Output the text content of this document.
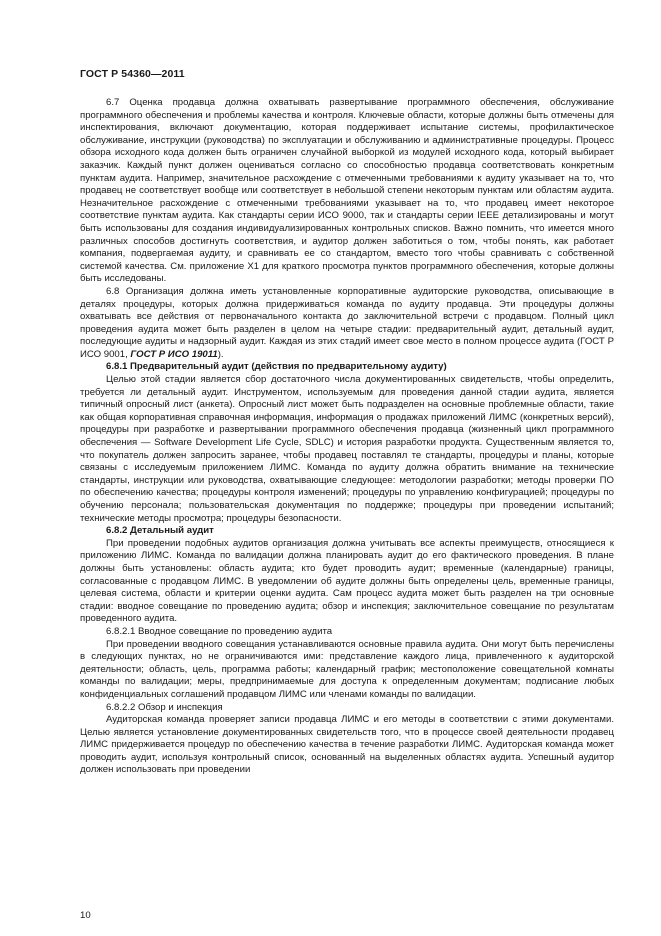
ГОСТ Р 54360—2011

6.7 Оценка продавца должна охватывать развертывание программного обеспечения, обслуживание программного обеспечения и проблемы качества и контроля. Ключевые области, которые должны быть отмечены для инспектирования, включают документацию, которая поддерживает испытание системы, профилактическое обслуживание, инструкции (руководства) по эксплуатации и обслуживанию и административные процедуры. Процесс обзора исходного кода должен быть ограничен случайной выборкой из модулей исходного кода, который выбирает заказчик. Каждый пункт должен оцениваться согласно со способностью продавца соответствовать конкретным пунктам аудита. Например, значительное расхождение с отмеченными требованиями к аудиту указывает на то, что продавец не соответствует вообще или соответствует в небольшой степени некоторым пунктам или областям аудита. Незначительное расхождение с отмеченными требованиями указывает на то, что продавец имеет некоторое соответствие пунктам аудита. Как стандарты серии ИСО 9000, так и стандарты серии IEEE детализированы и могут быть использованы для создания индивидуализированных контрольных списков. Важно помнить, что имеется много различных способов достигнуть соответствия, и аудитор должен заботиться о том, чтобы понять, как работает компания, подвергаемая аудиту, и сравнивать ее со стандартом, вместо того чтобы сравнивать с собственной системой качества. См. приложение Х1 для краткого просмотра пунктов программного обеспечения, которые должны быть исследованы.

6.8 Организация должна иметь установленные корпоративные аудиторские руководства, описывающие в деталях процедуры, которых должна придерживаться команда по аудиту продавца. Эти процедуры должны охватывать все действия от первоначального контакта до заключительной встречи с продавцом. Полный цикл проведения аудита может быть разделен в целом на четыре стадии: предварительный аудит, детальный аудит, последующие аудиты и надзорный аудит. Каждая из этих стадий имеет свое место в полном процессе аудита (ГОСТ Р ИСО 9001, ГОСТ Р ИСО 19011).

6.8.1 Предварительный аудит (действия по предварительному аудиту)

Целью этой стадии является сбор достаточного числа документированных свидетельств, чтобы определить, требуется ли детальный аудит. Инструментом, используемым для проведения данной стадии аудита, является типичный опросный лист (анкета). Опросный лист может быть подразделен на основные проблемные области, такие как общая корпоративная справочная информация, информация о продажах приложений ЛИМС (конкретных версий), процедуры при разработке и развертывании программного обеспечения продавца (жизненный цикл программного обеспечения — Software Development Life Cycle, SDLC) и история разработки продукта. Существенным является то, что покупатель должен запросить заранее, чтобы продавец поставлял те стандарты, процедуры и планы, которые связаны с исследуемым приложением ЛИМС. Команда по аудиту должна обратить внимание на технические стандарты, инструкции или руководства, охватывающие следующее: методологии разработки; методы проверки ПО по обеспечению качества; процедуры контроля изменений; процедуры по управлению конфигурацией; процедуры по обучению персонала; пользовательская документация по поддержке; процедуры при проведении испытаний; технические методы просмотра; процедуры безопасности.

6.8.2 Детальный аудит

При проведении подобных аудитов организация должна учитывать все аспекты преимуществ, относящиеся к приложению ЛИМС. Команда по валидации должна планировать аудит до его фактического проведения. В плане должны быть установлены: область аудита; кто будет проводить аудит; временные (календарные) границы, согласованные с продавцом ЛИМС. В уведомлении об аудите должны быть определены цель, временные границы, целевая система, области и критерии оценки аудита. Сам процесс аудита может быть разделен на три основные стадии: вводное совещание по проведению аудита; обзор и инспекция; заключительное совещание по результатам проведенного аудита.

6.8.2.1 Вводное совещание по проведению аудита

При проведении вводного совещания устанавливаются основные правила аудита. Они могут быть перечислены в следующих пунктах, но не ограничиваются ими: представление каждого лица, привлеченного к аудиторской деятельности; область, цель, программа работы; календарный график; местоположение совещательной комнаты команды по валидации; меры, предпринимаемые для доступа к определенным документам; подписание любых конфиденциальных соглашений продавцом ЛИМС или членами команды по валидации.

6.8.2.2 Обзор и инспекция

Аудиторская команда проверяет записи продавца ЛИМС и его методы в соответствии с этими документами. Целью является установление документированных свидетельств того, что в процессе своей деятельности продавец ЛИМС придерживается процедур по обеспечению качества в течение разработки ЛИМС. Аудиторская команда может проводить аудит, используя контрольный список, основанный на выделенных областях аудита. Успешный аудитор должен использовать при проведении

10
